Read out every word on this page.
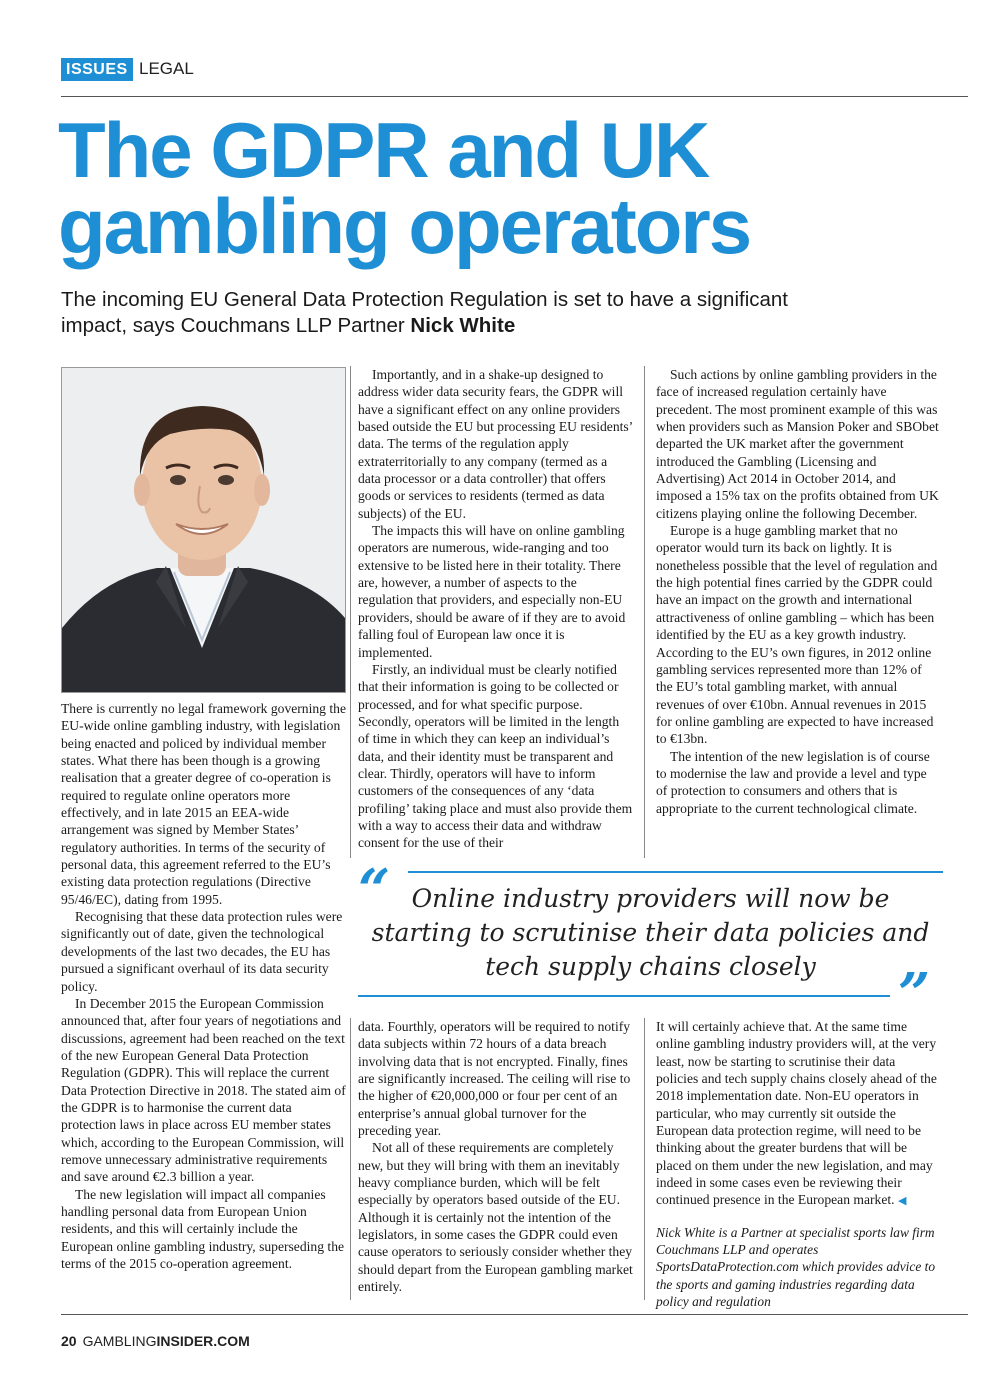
ISSUES LEGAL
The GDPR and UK gambling operators
The incoming EU General Data Protection Regulation is set to have a significant impact, says Couchmans LLP Partner Nick White

There is currently no legal framework governing the EU-wide online gambling industry, with legislation being enacted and policed by individual member states. What there has been though is a growing realisation that a greater degree of co-operation is required to regulate online operators more effectively, and in late 2015 an EEA-wide arrangement was signed by Member States’ regulatory authorities. In terms of the security of personal data, this agreement referred to the EU’s existing data protection regulations (Directive 95/46/EC), dating from 1995.

Recognising that these data protection rules were significantly out of date, given the technological developments of the last two decades, the EU has pursued a significant overhaul of its data security policy.

In December 2015 the European Commission announced that, after four years of negotiations and discussions, agreement had been reached on the text of the new European General Data Protection Regulation (GDPR). This will replace the current Data Protection Directive in 2018. The stated aim of the GDPR is to harmonise the current data protection laws in place across EU member states which, according to the European Commission, will remove unnecessary administrative requirements and save around €2.3 billion a year.

The new legislation will impact all companies handling personal data from European Union residents, and this will certainly include the European online gambling industry, superseding the terms of the 2015 co-operation agreement.

Importantly, and in a shake-up designed to address wider data security fears, the GDPR will have a significant effect on any online providers based outside the EU but processing EU residents’ data. The terms of the regulation apply extraterritorially to any company (termed as a data processor or a data controller) that offers goods or services to residents (termed as data subjects) of the EU.

The impacts this will have on online gambling operators are numerous, wide-ranging and too extensive to be listed here in their totality. There are, however, a number of aspects to the regulation that providers, and especially non-EU providers, should be aware of if they are to avoid falling foul of European law once it is implemented.

Firstly, an individual must be clearly notified that their information is going to be collected or processed, and for what specific purpose. Secondly, operators will be limited in the length of time in which they can keep an individual’s data, and their identity must be transparent and clear. Thirdly, operators will have to inform customers of the consequences of any ‘data profiling’ taking place and must also provide them with a way to access their data and withdraw consent for the use of their

Such actions by online gambling providers in the face of increased regulation certainly have precedent. The most prominent example of this was when providers such as Mansion Poker and SBObet departed the UK market after the government introduced the Gambling (Licensing and Advertising) Act 2014 in October 2014, and imposed a 15% tax on the profits obtained from UK citizens playing online the following December.

Europe is a huge gambling market that no operator would turn its back on lightly. It is nonetheless possible that the level of regulation and the high potential fines carried by the GDPR could have an impact on the growth and international attractiveness of online gambling – which has been identified by the EU as a key growth industry. According to the EU’s own figures, in 2012 online gambling services represented more than 12% of the EU’s total gambling market, with annual revenues of over €10bn. Annual revenues in 2015 for online gambling are expected to have increased to €13bn.

The intention of the new legislation is of course to modernise the law and provide a level and type of protection to consumers and others that is appropriate to the current technological climate.

“ Online industry providers will now be starting to scrutinise their data policies and tech supply chains closely	”

data. Fourthly, operators will be required to notify data subjects within 72 hours of a data breach involving data that is not encrypted. Finally, fines are significantly increased. The ceiling will rise to the higher of €20,000,000 or four per cent of an enterprise’s annual global turnover for the preceding year.

Not all of these requirements are completely new, but they will bring with them an inevitably heavy compliance burden, which will be felt especially by operators based outside of the EU. Although it is certainly not the intention of the legislators, in some cases the GDPR could even cause operators to seriously consider whether they should depart from the European gambling market entirely.

It will certainly achieve that. At the same time online gambling industry providers will, at the very least, now be starting to scrutinise their data policies and tech supply chains closely ahead of the 2018 implementation date. Non-EU operators in particular, who may currently sit outside the European data protection regime, will need to be thinking about the greater burdens that will be placed on them under the new legislation, and may indeed in some cases even be reviewing their continued presence in the European market. ◀

Nick White is a Partner at specialist sports law firm Couchmans LLP and operates SportsDataProtection.com which provides advice to the sports and gaming industries regarding data policy and regulation
20 GAMBLINGINSIDER.COM
